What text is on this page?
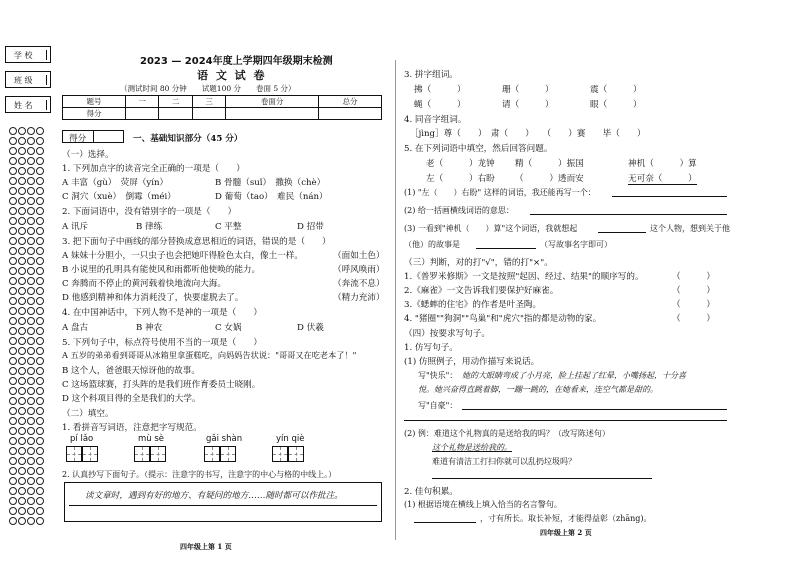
学 校
班 级
姓 名
2023 — 2024年度上学期四年级期末检测
语 文 试 卷
（测试时间 80 分钟　　试题100 分　　卷面 5 分）
题号	一	二	三	卷面分	总分
得分					
得分	一、基础知识部分（45 分）
（一）选择。
1. 下列加点字的读音完全正确的一项是（　　）
A 丰富（gù）　荧屏（yín）	B 骨髓（suǐ）　撒换（chè）
C 洞穴（xuè）　倒霉（méi）	D 葡萄（tao）　难民（nán）
2. 下面词语中，没有错别字的一项是（　　）
A 讯斥	B 律练	C 平整	D 招带
3. 把下面句子中画线的部分替换成意思相近的词语，错误的是（　　）
A 妹妹十分胆小，一只虫子也会把她吓得脸色太白，像土一样。	（面如土色）
B 小说里的孔明具有能使风和雨都听他使唤的能力。	（呼风唤雨）
C 奔腾而不停止的黄河载着快地流向大海。	（奔流不息）
D 他感到精神和体力消耗没了，快要虚脱去了。	（精力充沛）
4. 在中国神话中，下列人物不是神的一项是（　　）
A 盘古	B 神农	C 女娲	D 伏羲
5. 下列句子中，标点符号使用不当的一项是（　　）
A 五岁的弟弟看到哥哥从冰箱里拿蛋糕吃，向妈妈告状说："哥哥又在吃老本了！"
B 这个人，爸爸眼天惊讶他的故事。
C 这场篮球赛，打头阵的是我们班作育委员士晓刚。
D 这个科项目得的全是我们的大学。
（二）填空。
1. 看拼音写词语，注意把字写规范。
pí lǎo	mù sè	gǎi shàn	yín qiè
2. 认真抄写下面句子。（提示：注意字的书写，注意字的中心与格的中线上。）
读文章时，遇到有好的地方、有疑问的地方……随时都可以作批注。
四年级上第 1 页
3. 拼字组词。
拂（　　　）	珊（　　　）	震（　　　）
蝇（　　　）	请（　　　）	眼（　　　）
4. 同音字组词。
［jìng］尊（　　）　肃（　　）　　（　　）赛　　毕（　　）
5. 在下列词语中填空，然后回答问题。
老（　　　）龙钟 精（　　　）振国	神机（　　　）算
左（　　　）右盼 （　　　）透而安	无可奈（　　　）
(1) "左（　　）右盼" 这样的词语，我还能再写一个：
(2) 给一括画横线词语的意思：
(3) 一看到"神机（　　）算"这个词语，我就想起	这个人物，想到关于他
（他）的故事是	（写故事名字即可）
（三）判断，对的打"√"，错的打"×"。
1.《普罗米修斯》一文是按照"起因、经过、结果"的顺序写的。	（　　　）
2.《麻雀》一文告诉我们要保护好麻雀。	（　　　）
3.《蟋蟀的住宅》的作者是叶圣陶。	（　　　）
4. "猪圈""狗洞""鸟巢"和"虎穴"指的都是动物的家。	（　　　）
（四）按要求写句子。
1. 仿写句子。
(1) 仿照例子，用动作描写来说话。
写"快乐"： 她的大眼睛弯成了小月亮，脸上挂起了红晕，小嘴扬起，十分喜
悦。她兴奋得直跳着脚，一蹦一跳的，在她看来，连空气都是甜的。
写"自豪"：
(2) 例：难道这个礼物真的是送给我的吗？（改写陈述句）
这个礼物是送给我的。
难道有清洁工打扫你就可以乱扔垃圾吗？
2. 佳句积累。
(1) 根据语境在横线上填入恰当的名言警句。
，寸有所长。取长补短，才能得益彰（zhāng)。
四年级上第 2 页
